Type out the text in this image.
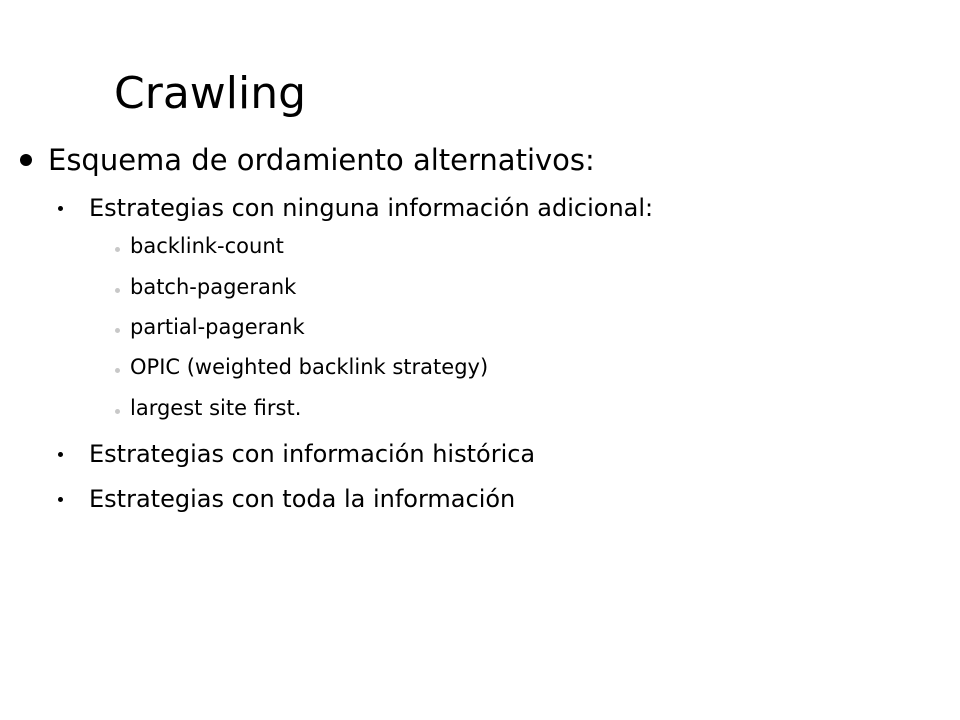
Crawling
Esquema de ordamiento alternativos:
Estrategias con ninguna información adicional:
backlink-count
batch-pagerank
partial-pagerank
OPIC (weighted backlink strategy)
largest site first.
Estrategias con información histórica
Estrategias con toda la información
